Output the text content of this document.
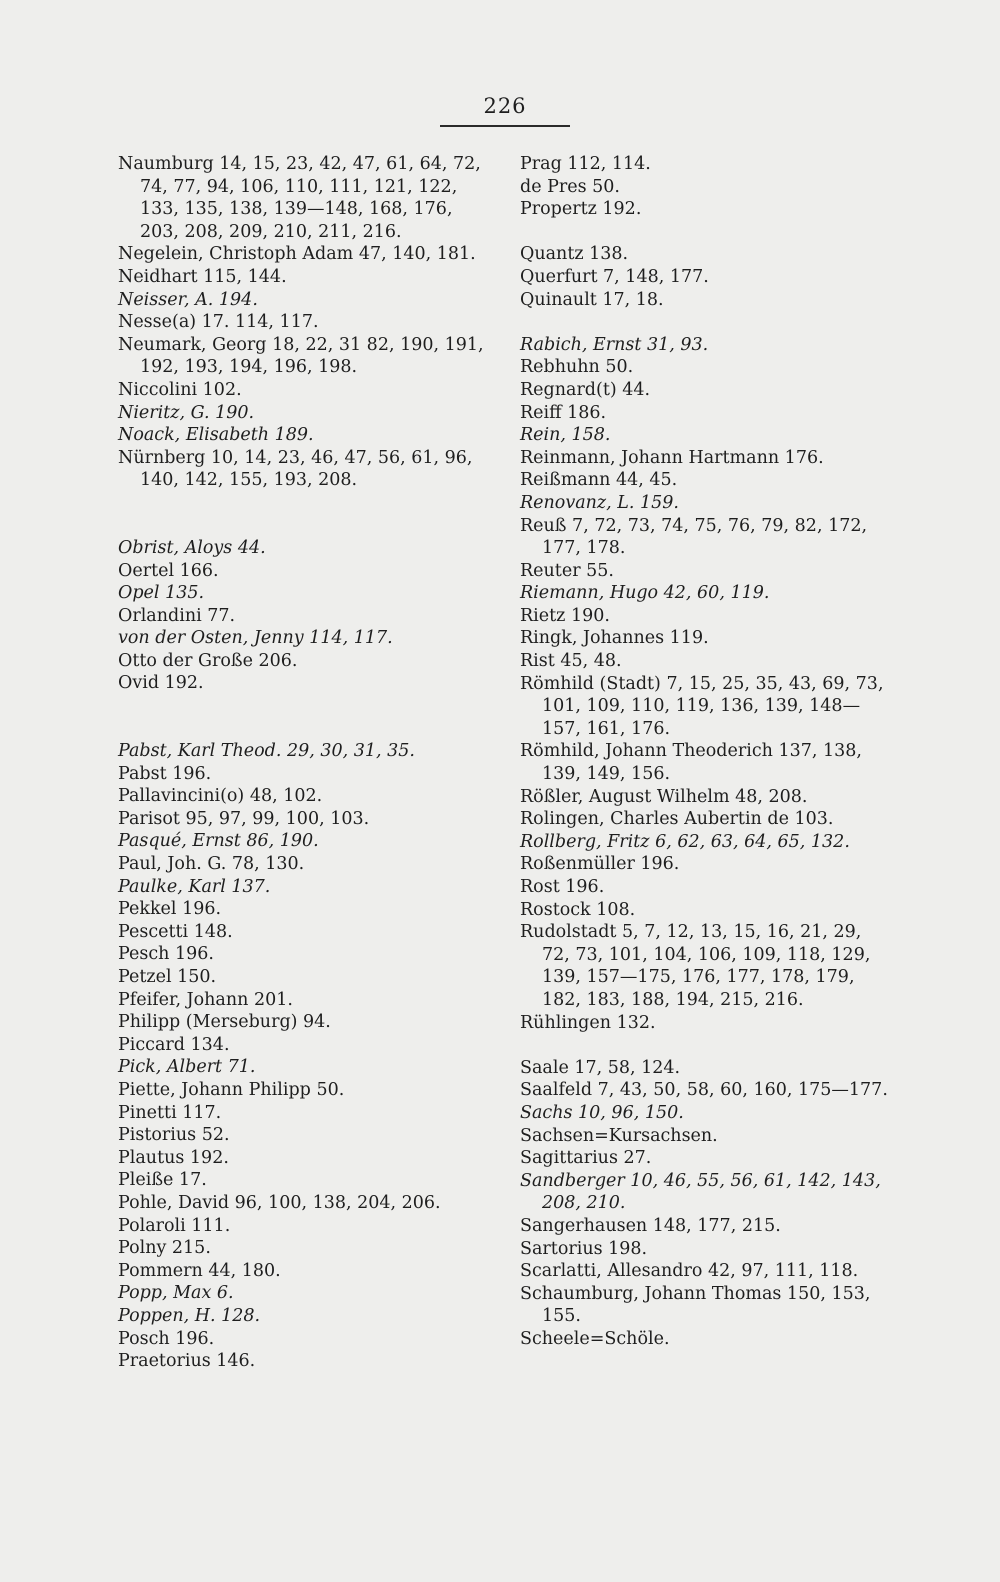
226
Naumburg 14, 15, 23, 42, 47, 61, 64, 72, 74, 77, 94, 106, 110, 111, 121, 122, 133, 135, 138, 139—148, 168, 176, 203, 208, 209, 210, 211, 216.
Negelein, Christoph Adam 47, 140, 181.
Neidhart 115, 144.
Neisser, A. 194.
Nesse(a) 17. 114, 117.
Neumark, Georg 18, 22, 31 82, 190, 191, 192, 193, 194, 196, 198.
Niccolini 102.
Nieritz, G. 190.
Noack, Elisabeth 189.
Nürnberg 10, 14, 23, 46, 47, 56, 61, 96, 140, 142, 155, 193, 208.
Obrist, Aloys 44.
Oertel 166.
Opel 135.
Orlandini 77.
von der Osten, Jenny 114, 117.
Otto der Große 206.
Ovid 192.
Pabst, Karl Theod. 29, 30, 31, 35.
Pabst 196.
Pallavincini(o) 48, 102.
Parisot 95, 97, 99, 100, 103.
Pasqué, Ernst 86, 190.
Paul, Joh. G. 78, 130.
Paulke, Karl 137.
Pekkel 196.
Pescetti 148.
Pesch 196.
Petzel 150.
Pfeifer, Johann 201.
Philipp (Merseburg) 94.
Piccard 134.
Pick, Albert 71.
Piette, Johann Philipp 50.
Pinetti 117.
Pistorius 52.
Plautus 192.
Pleiße 17.
Pohle, David 96, 100, 138, 204, 206.
Polaroli 111.
Polny 215.
Pommern 44, 180.
Popp, Max 6.
Poppen, H. 128.
Posch 196.
Praetorius 146.
Prag 112, 114.
de Pres 50.
Propertz 192.
Quantz 138.
Querfurt 7, 148, 177.
Quinault 17, 18.
Rabich, Ernst 31, 93.
Rebhuhn 50.
Regnard(t) 44.
Reiff 186.
Rein, 158.
Reinmann, Johann Hartmann 176.
Reißmann 44, 45.
Renovanz, L. 159.
Reuß 7, 72, 73, 74, 75, 76, 79, 82, 172, 177, 178.
Reuter 55.
Riemann, Hugo 42, 60, 119.
Rietz 190.
Ringk, Johannes 119.
Rist 45, 48.
Römhild (Stadt) 7, 15, 25, 35, 43, 69, 73, 101, 109, 110, 119, 136, 139, 148—157, 161, 176.
Römhild, Johann Theoderich 137, 138, 139, 149, 156.
Rößler, August Wilhelm 48, 208.
Rolingen, Charles Aubertin de 103.
Rollberg, Fritz 6, 62, 63, 64, 65, 132.
Roßenmüller 196.
Rost 196.
Rostock 108.
Rudolstadt 5, 7, 12, 13, 15, 16, 21, 29, 72, 73, 101, 104, 106, 109, 118, 129, 139, 157—175, 176, 177, 178, 179, 182, 183, 188, 194, 215, 216.
Rühlingen 132.
Saale 17, 58, 124.
Saalfeld 7, 43, 50, 58, 60, 160, 175—177.
Sachs 10, 96, 150.
Sachsen=Kursachsen.
Sagittarius 27.
Sandberger 10, 46, 55, 56, 61, 142, 143, 208, 210.
Sangerhausen 148, 177, 215.
Sartorius 198.
Scarlatti, Allesandro 42, 97, 111, 118.
Schaumburg, Johann Thomas 150, 153, 155.
Scheele=Schöle.
